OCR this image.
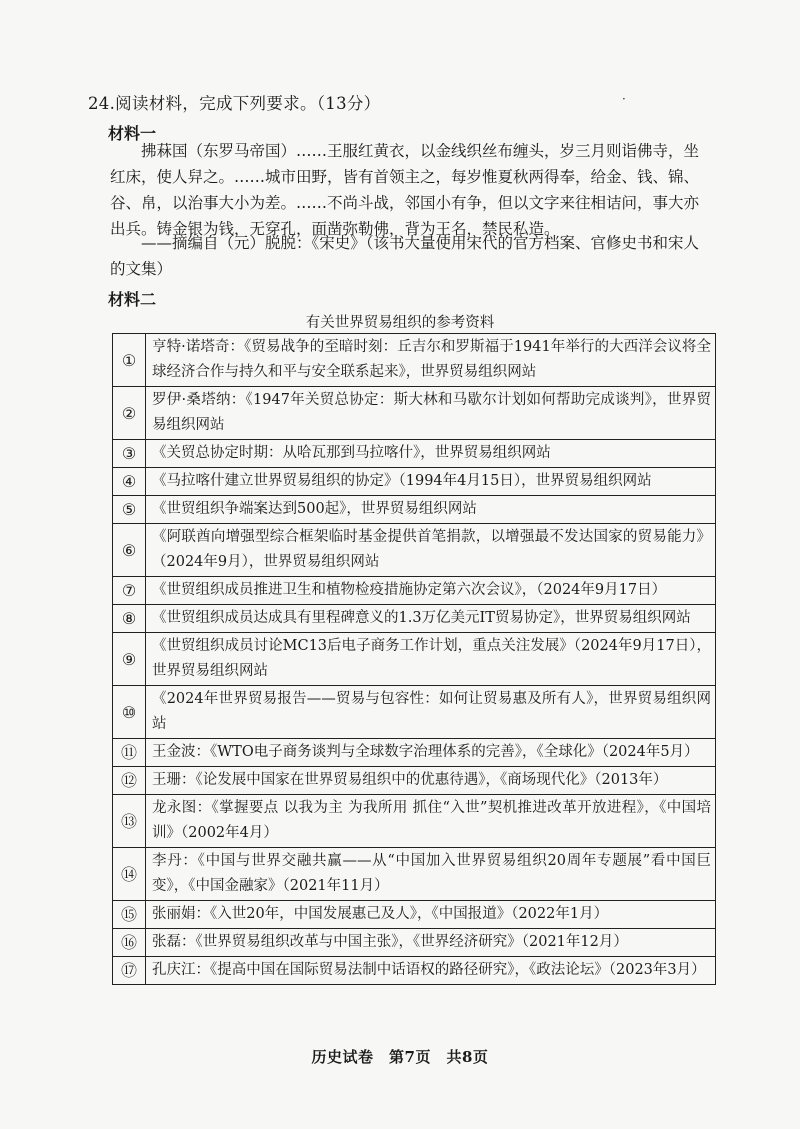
24.阅读材料，完成下列要求。（13分）	·
材料一
拂菻国（东罗马帝国）……王服红黄衣，以金线织丝布缠头，岁三月则诣佛寺，坐红床，使人舁之。……城市田野，皆有首领主之，每岁惟夏秋两得奉，给金、钱、锦、谷、帛，以治事大小为差。……不尚斗战，邻国小有争，但以文字来往相诘问，事大亦出兵。铸金银为钱，无穿孔，面凿弥勒佛，背为王名，禁民私造。
——摘编自（元）脱脱：《宋史》（该书大量使用宋代的官方档案、官修史书和宋人的文集）
材料二
有关世界贸易组织的参考资料
①	亨特·诺塔奇：《贸易战争的至暗时刻：丘吉尔和罗斯福于1941年举行的大西洋会议将全球经济合作与持久和平与安全联系起来》，世界贸易组织网站
②	罗伊·桑塔纳：《1947年关贸总协定：斯大林和马歇尔计划如何帮助完成谈判》，世界贸易组织网站
③	《关贸总协定时期：从哈瓦那到马拉喀什》，世界贸易组织网站
④	《马拉喀什建立世界贸易组织的协定》（1994年4月15日），世界贸易组织网站
⑤	《世贸组织争端案达到500起》，世界贸易组织网站
⑥	《阿联酋向增强型综合框架临时基金提供首笔捐款，以增强最不发达国家的贸易能力》（2024年9月），世界贸易组织网站
⑦	《世贸组织成员推进卫生和植物检疫措施协定第六次会议》，（2024年9月17日）
⑧	《世贸组织成员达成具有里程碑意义的1.3万亿美元IT贸易协定》，世界贸易组织网站
⑨	《世贸组织成员讨论MC13后电子商务工作计划，重点关注发展》（2024年9月17日），世界贸易组织网站
⑩	《2024年世界贸易报告——贸易与包容性：如何让贸易惠及所有人》，世界贸易组织网站
⑪	王金波：《WTO电子商务谈判与全球数字治理体系的完善》，《全球化》（2024年5月）
⑫	王珊：《论发展中国家在世界贸易组织中的优惠待遇》，《商场现代化》（2013年）
⑬	龙永图：《掌握要点 以我为主 为我所用 抓住“入世”契机推进改革开放进程》，《中国培训》（2002年4月）
⑭	李丹：《中国与世界交融共赢——从“中国加入世界贸易组织20周年专题展”看中国巨变》，《中国金融家》（2021年11月）
⑮	张丽娟：《入世20年，中国发展惠己及人》，《中国报道》（2022年1月）
⑯	张磊：《世界贸易组织改革与中国主张》，《世界经济研究》（2021年12月）
⑰	孔庆江：《提高中国在国际贸易法制中话语权的路径研究》，《政法论坛》（2023年3月）
历史试卷　第7页　共8页
